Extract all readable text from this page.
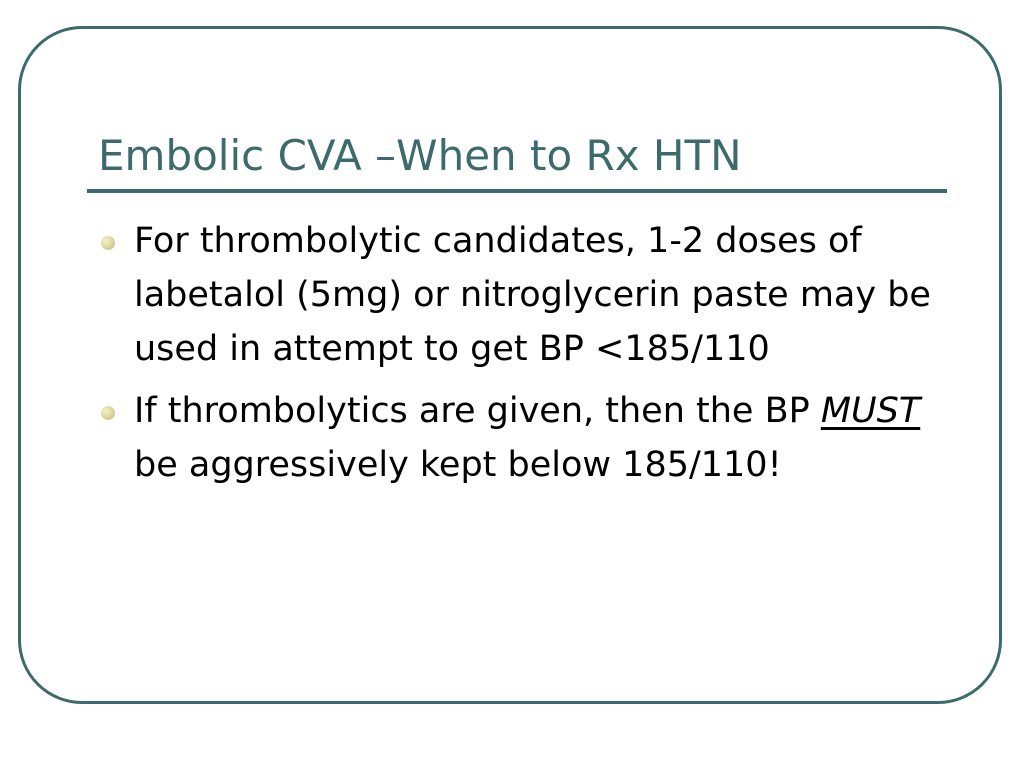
Embolic CVA –When to Rx HTN
For thrombolytic candidates, 1-2 doses of labetalol (5mg) or nitroglycerin paste may be used in attempt to get BP <185/110
If thrombolytics are given, then the BP MUST  be aggressively kept below 185/110!
